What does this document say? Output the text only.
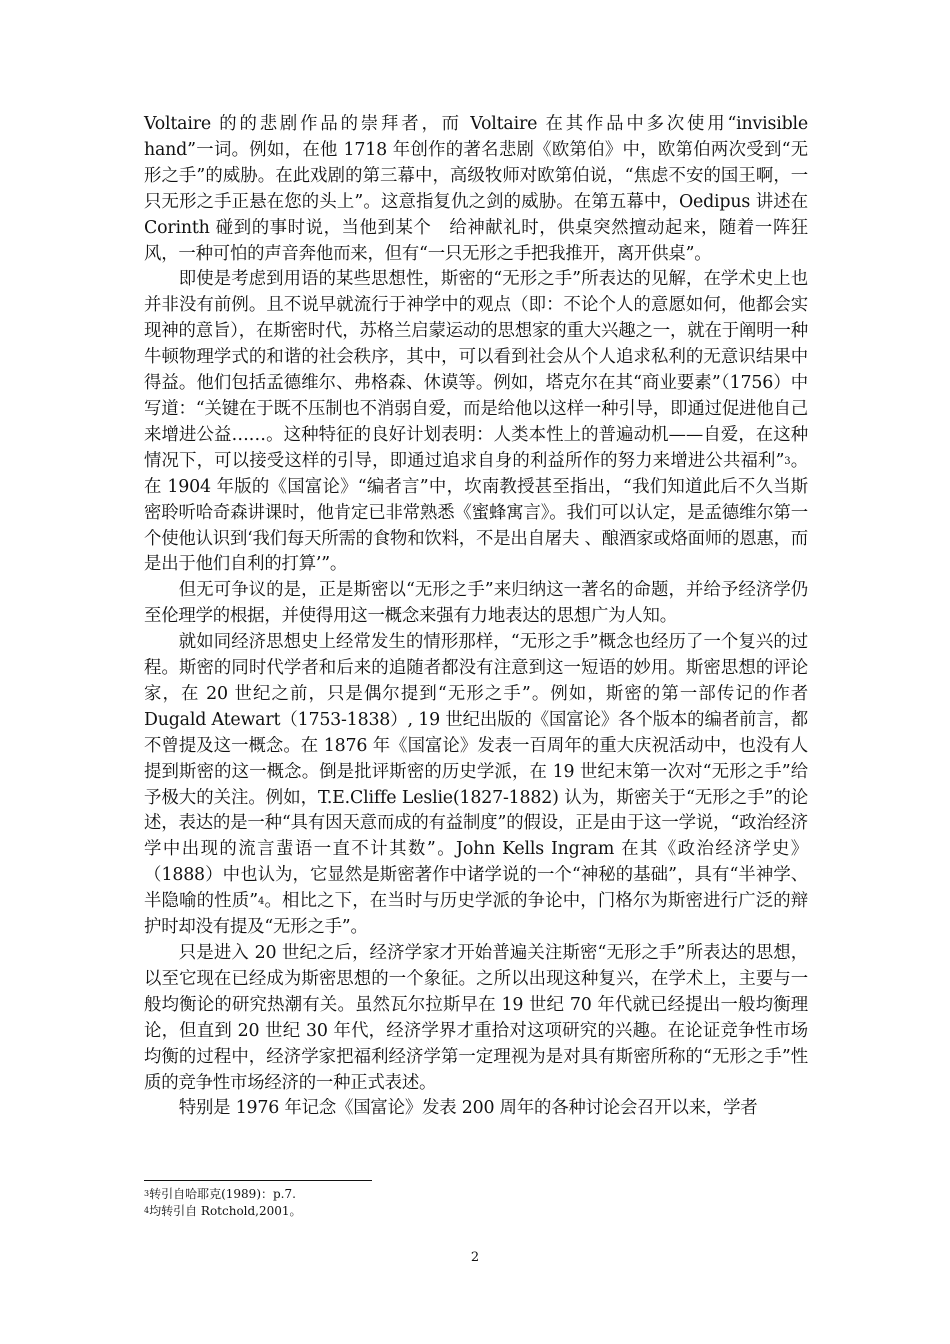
Voltaire 的的悲剧作品的崇拜者，而 Voltaire 在其作品中多次使用“invisible hand”一词。例如，在他 1718 年创作的著名悲剧《欧第伯》中，欧第伯两次受到“无形之手”的威胁。在此戏剧的第三幕中，高级牧师对欧第伯说，“焦虑不安的国王啊，一只无形之手正悬在您的头上”。这意指复仇之剑的威胁。在第五幕中，Oedipus 讲述在 Corinth 碰到的事时说，当他到某个　给神献礼时，供桌突然擅动起来，随着一阵狂风，一种可怕的声音奔他而来，但有“一只无形之手把我推开，离开供桌”。

即使是考虑到用语的某些思想性，斯密的“无形之手”所表达的见解，在学术史上也并非没有前例。且不说早就流行于神学中的观点（即：不论个人的意愿如何，他都会实现神的意旨），在斯密时代，苏格兰启蒙运动的思想家的重大兴趣之一，就在于阐明一种牛顿物理学式的和谐的社会秩序，其中，可以看到社会从个人追求私利的无意识结果中得益。他们包括孟德维尔、弗格森、休谟等。例如，塔克尔在其“商业要素”（1756）中写道：“关键在于既不压制也不消弱自爱，而是给他以这样一种引导，即通过促进他自己来增进公益……。这种特征的良好计划表明：人类本性上的普遍动机——自爱，在这种情况下，可以接受这样的引导，即通过追求自身的利益所作的努力来增进公共福利”$^3$。在 1904 年版的《国富论》“编者言”中，坎南教授甚至指出，“我们知道此后不久当斯密聆听哈奇森讲课时，他肯定已非常熟悉《蜜蜂寓言》。我们可以认定，是孟德维尔第一个使他认识到‘我们每天所需的食物和饮料，不是出自屠夫 、酿酒家或烙面师的恩惠，而是出于他们自利的打算’”。

但无可争议的是，正是斯密以“无形之手”来归纳这一著名的命题，并给予经济学仍至伦理学的根据，并使得用这一概念来强有力地表达的思想广为人知。

就如同经济思想史上经常发生的情形那样，“无形之手”概念也经历了一个复兴的过程。斯密的同时代学者和后来的追随者都没有注意到这一短语的妙用。斯密思想的评论家，在 20 世纪之前，只是偶尔提到“无形之手”。例如，斯密的第一部传记的作者 Dugald Atewart（1753-1838）, 19 世纪出版的《国富论》各个版本的编者前言，都不曾提及这一概念。在 1876 年《国富论》发表一百周年的重大庆祝活动中，也没有人提到斯密的这一概念。倒是批评斯密的历史学派，在 19 世纪末第一次对“无形之手”给予极大的关注。例如，T.E.Cliffe Leslie(1827-1882) 认为，斯密关于“无形之手”的论述，表达的是一种“具有因天意而成的有益制度”的假设，正是由于这一学说，“政治经济学中出现的流言蜚语一直不计其数”。John Kells Ingram 在其《政治经济学史》（1888）中也认为，它显然是斯密著作中诸学说的一个“神秘的基础”，具有“半神学、半隐喻的性质”$^4$。相比之下，在当时与历史学派的争论中，门格尔为斯密进行广泛的辩护时却没有提及“无形之手”。

只是进入 20 世纪之后，经济学家才开始普遍关注斯密“无形之手”所表达的思想，以至它现在已经成为斯密思想的一个象征。之所以出现这种复兴，在学术上，主要与一般均衡论的研究热潮有关。虽然瓦尔拉斯早在 19 世纪 70 年代就已经提出一般均衡理论，但直到 20 世纪 30 年代，经济学界才重拾对这项研究的兴趣。在论证竞争性市场均衡的过程中，经济学家把福利经济学第一定理视为是对具有斯密所称的“无形之手”性质的竞争性市场经济的一种正式表述。

特别是 1976 年记念《国富论》发表 200 周年的各种讨论会召开以来，学者

$^3$转引自哈耶克(1989)：p.7.

$^4$均转引自 Rotchold,2001。

2
